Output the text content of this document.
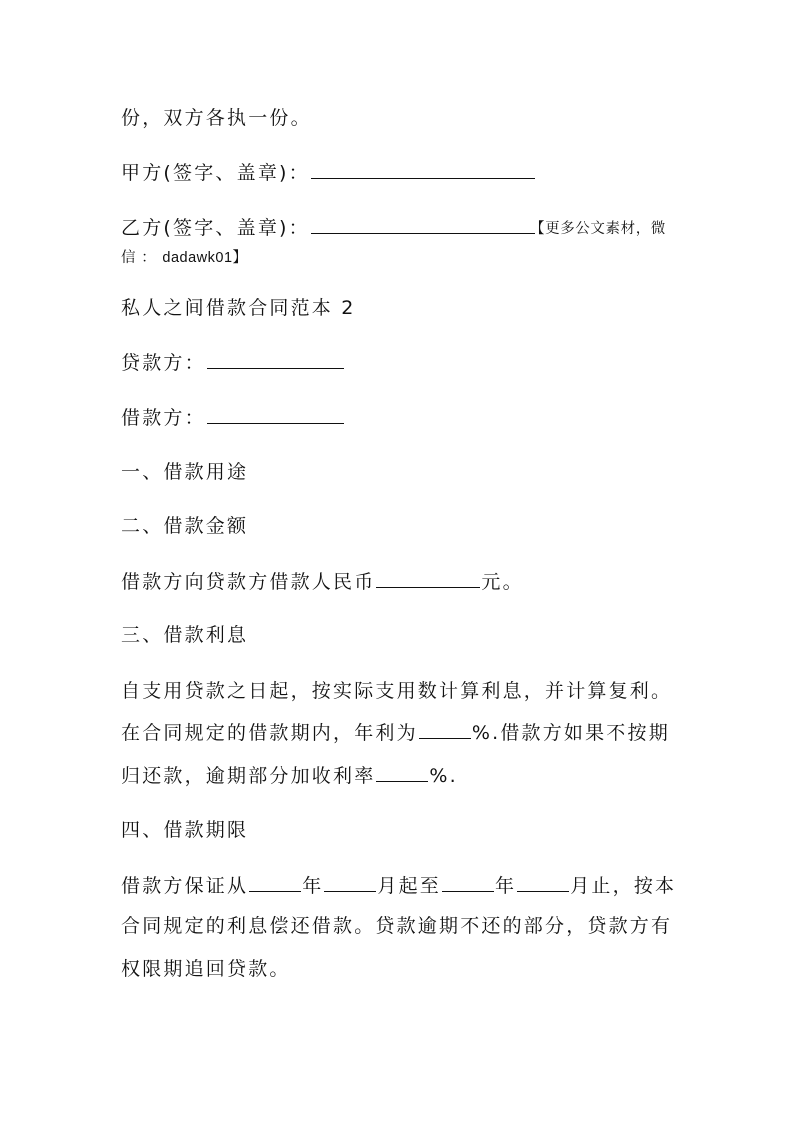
份，双方各执一份。
甲方(签字、盖章)：
乙方(签字、盖章)：	【更多公文素材，微
信 ： dadawk01】
私人之间借款合同范本 2
贷款方：
借款方：
一、借款用途
二、借款金额
借款方向贷款方借款人民币	元。
三、借款利息
自支用贷款之日起，按实际支用数计算利息，并计算复利。
在合同规定的借款期内，年利为	%.借款方如果不按期
归还款，逾期部分加收利率	%.
四、借款期限
借款方保证从	年	月起至	年	月止，按本
合同规定的利息偿还借款。贷款逾期不还的部分，贷款方有
权限期追回贷款。
